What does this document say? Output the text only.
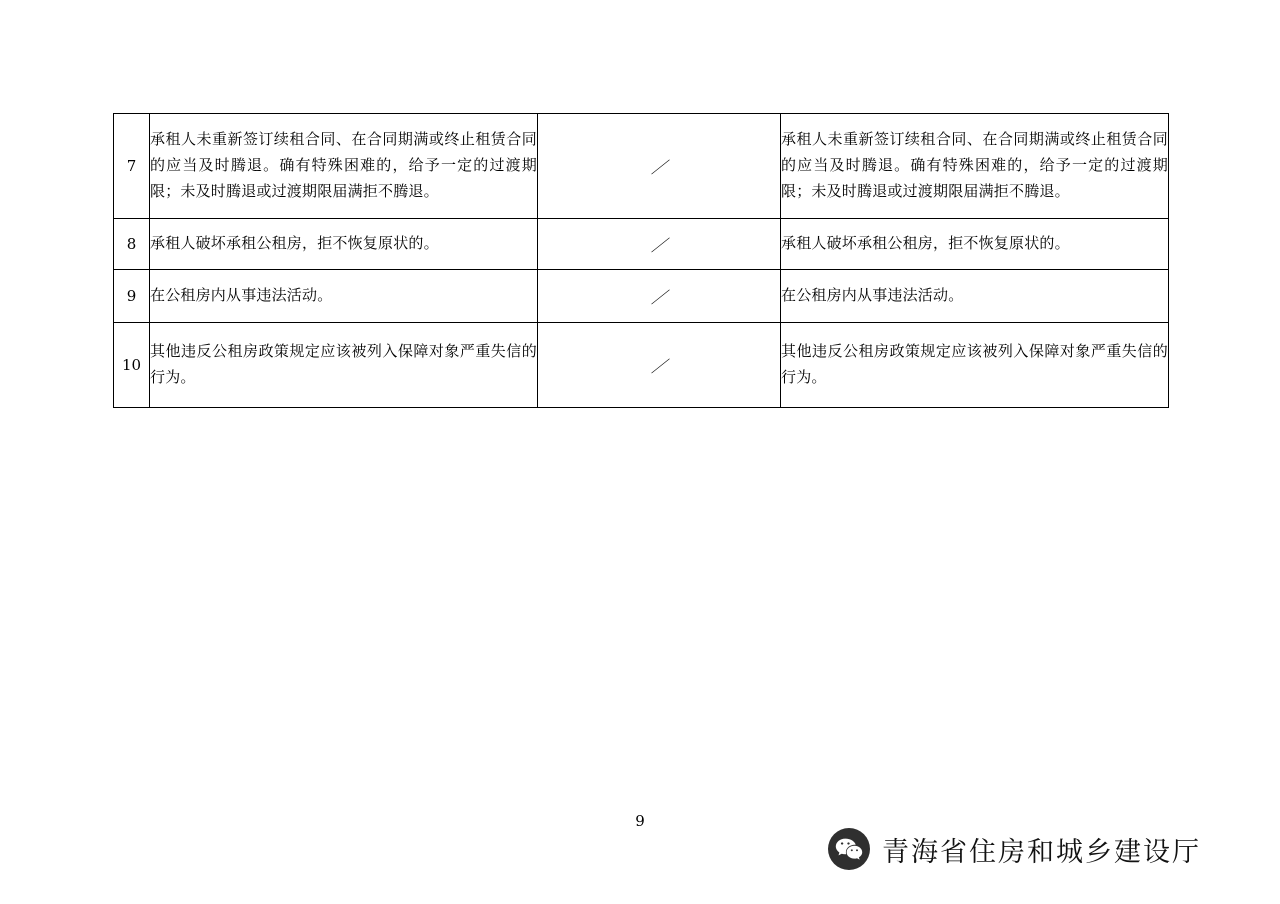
7	承租人未重新签订续租合同、在合同期满或终止租赁合同的应当及时腾退。确有特殊困难的，给予一定的过渡期限；未及时腾退或过渡期限届满拒不腾退。	／	承租人未重新签订续租合同、在合同期满或终止租赁合同的应当及时腾退。确有特殊困难的，给予一定的过渡期限；未及时腾退或过渡期限届满拒不腾退。
8	承租人破坏承租公租房，拒不恢复原状的。	／	承租人破坏承租公租房，拒不恢复原状的。
9	在公租房内从事违法活动。	／	在公租房内从事违法活动。
10	其他违反公租房政策规定应该被列入保障对象严重失信的行为。	／	其他违反公租房政策规定应该被列入保障对象严重失信的行为。
9
青海省住房和城乡建设厅
